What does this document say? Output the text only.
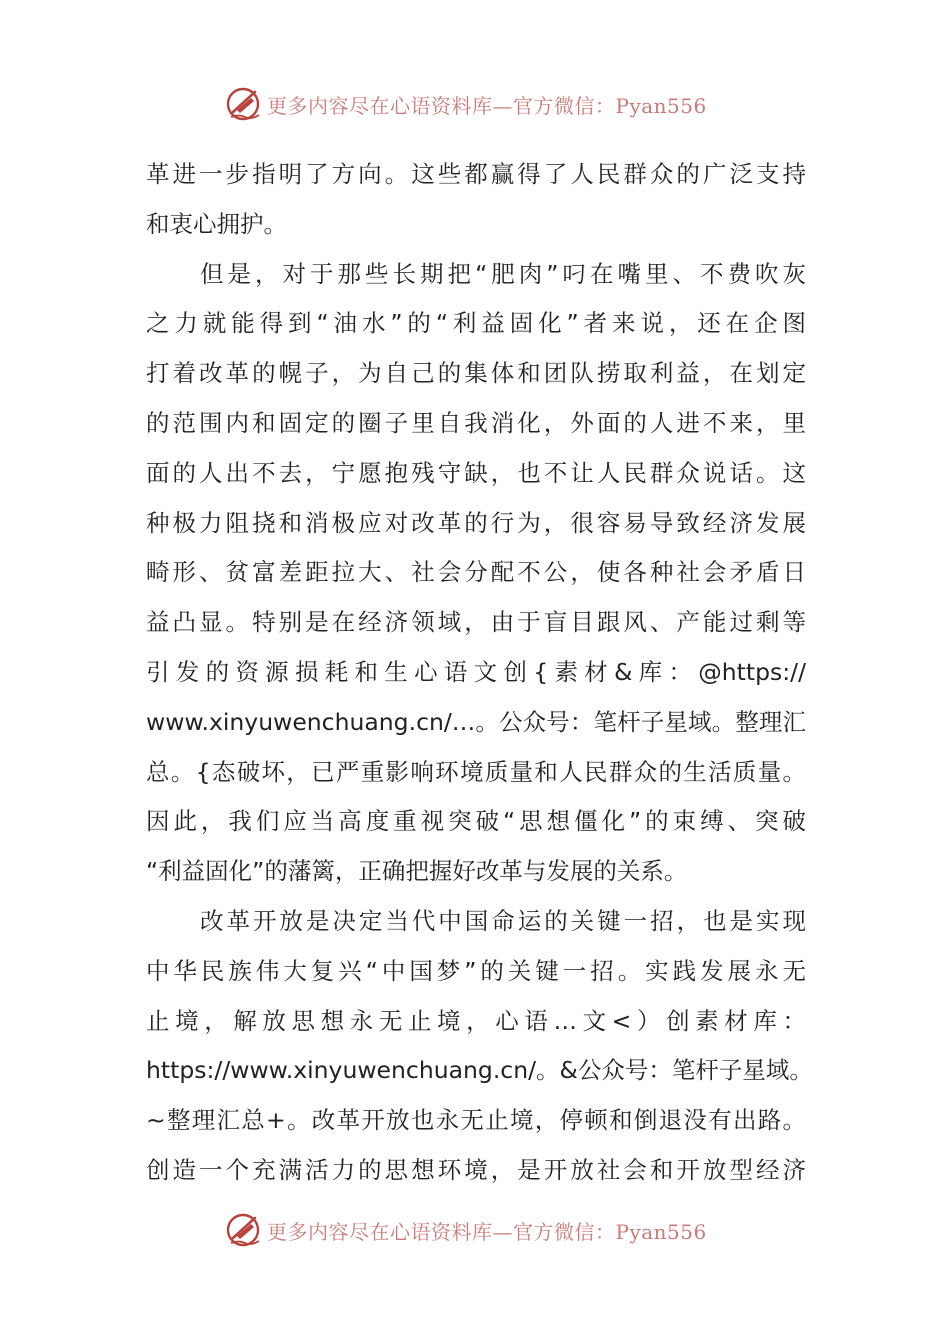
更多内容尽在心语资料库—官方微信：Pyan556
革进一步指明了方向。这些都赢得了人民群众的广泛支持
和衷心拥护。
但是，对于那些长期把“肥肉”叼在嘴里、不费吹灰
之力就能得到“油水”的“利益固化”者来说，还在企图
打着改革的幌子，为自己的集体和团队捞取利益，在划定
的范围内和固定的圈子里自我消化，外面的人进不来，里
面的人出不去，宁愿抱残守缺，也不让人民群众说话。这
种极力阻挠和消极应对改革的行为，很容易导致经济发展
畸形、贫富差距拉大、社会分配不公，使各种社会矛盾日
益凸显。特别是在经济领域，由于盲目跟风、产能过剩等
引发的资源损耗和生心语文创{素材&库：@https://
www.xinyuwenchuang.cn/…。公众号：笔杆子星域。整理汇
总。{态破坏，已严重影响环境质量和人民群众的生活质量。
因此，我们应当高度重视突破“思想僵化”的束缚、突破
“利益固化”的藩篱，正确把握好改革与发展的关系。
改革开放是决定当代中国命运的关键一招，也是实现
中华民族伟大复兴“中国梦”的关键一招。实践发展永无
止境，解放思想永无止境，心语…文<）创素材库：
https://www.xinyuwenchuang.cn/。&公众号：笔杆子星域。
~整理汇总+。改革开放也永无止境，停顿和倒退没有出路。
创造一个充满活力的思想环境，是开放社会和开放型经济
更多内容尽在心语资料库—官方微信：Pyan556
